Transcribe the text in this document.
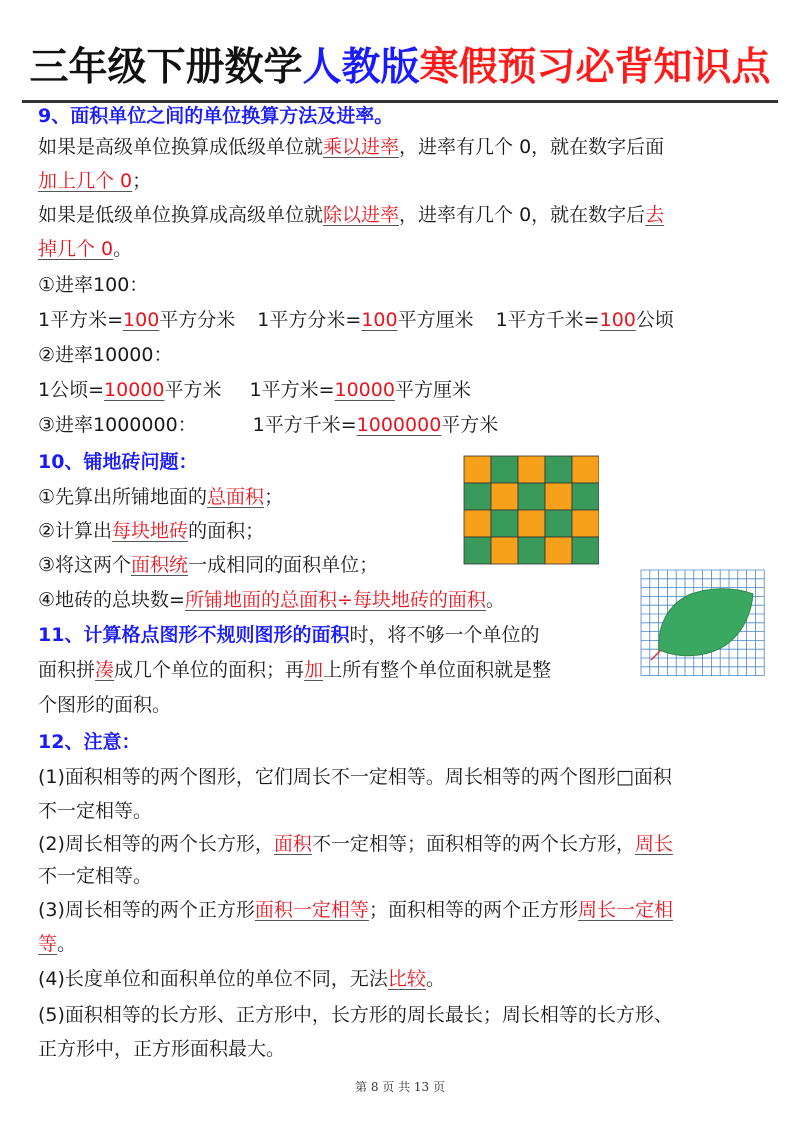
三年级下册数学人教版寒假预习必背知识点
9、面积单位之间的单位换算方法及进率。
如果是高级单位换算成低级单位就乘以进率，进率有几个 0，就在数字后面
加上几个 0；
如果是低级单位换算成高级单位就除以进率，进率有几个 0，就在数字后去
掉几个 0。
①进率100：
1平方米=100平方分米 1平方分米=100平方厘米 1平方千米=100公顷
②进率10000：
1公顷=10000平方米 1平方米=10000平方厘米
③进率1000000：	1平方千米=1000000平方米
10、铺地砖问题：
①先算出所铺地面的总面积；
②计算出每块地砖的面积；
③将这两个面积统一成相同的面积单位；
④地砖的总块数=所铺地面的总面积÷每块地砖的面积。
11、计算格点图形不规则图形的面积时，将不够一个单位的
面积拼凑成几个单位的面积；再加上所有整个单位面积就是整
个图形的面积。
12、注意：
(1)面积相等的两个图形，它们周长不一定相等。周长相等的两个图形□面积
不一定相等。
(2)周长相等的两个长方形，面积不一定相等；面积相等的两个长方形，周长
不一定相等。
(3)周长相等的两个正方形面积一定相等；面积相等的两个正方形周长一定相
等。
(4)长度单位和面积单位的单位不同，无法比较。
(5)面积相等的长方形、正方形中，长方形的周长最长；周长相等的长方形、
正方形中，正方形面积最大。
第 8 页 共 13 页
